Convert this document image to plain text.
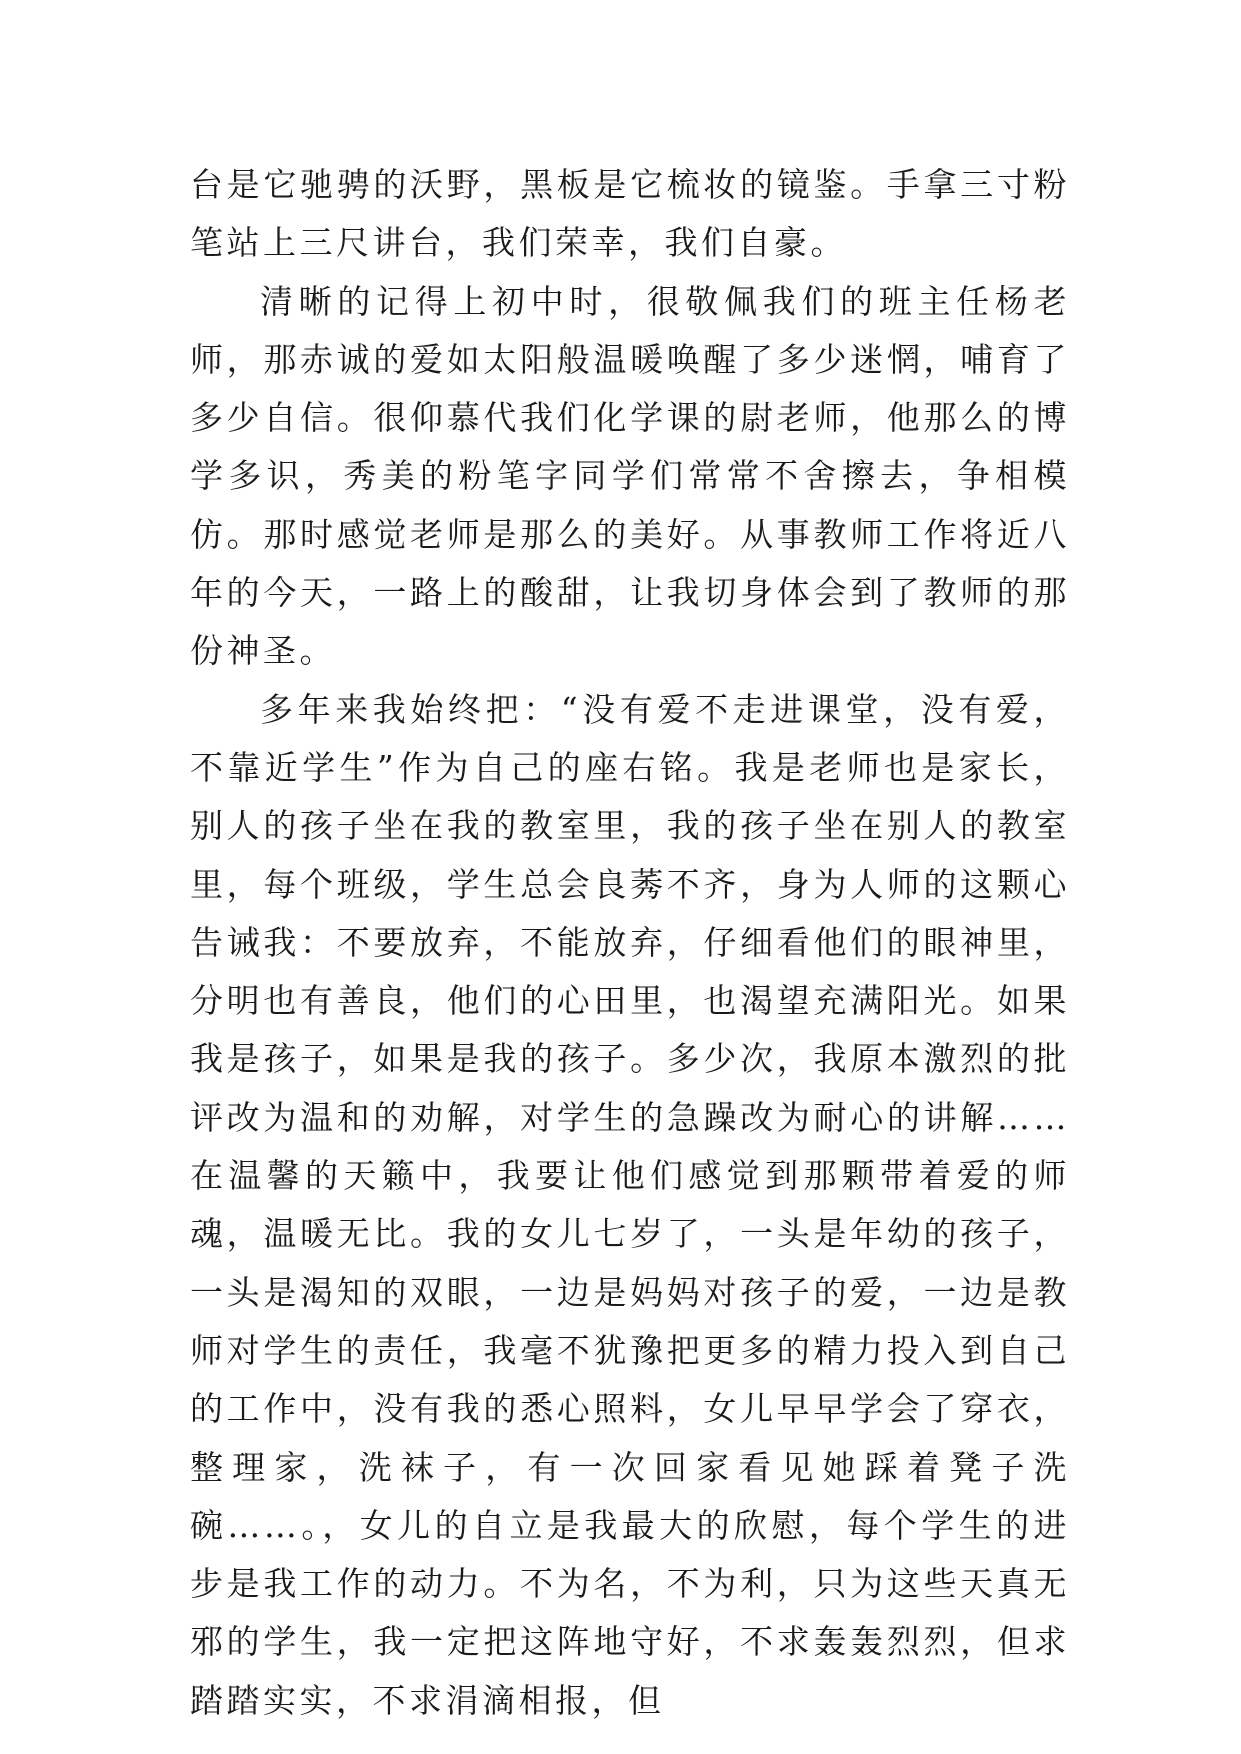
台是它驰骋的沃野，黑板是它梳妆的镜鉴。手拿三寸粉笔站上三尺讲台，我们荣幸，我们自豪。

清晰的记得上初中时，很敬佩我们的班主任杨老师，那赤诚的爱如太阳般温暖唤醒了多少迷惘，哺育了多少自信。很仰慕代我们化学课的尉老师，他那么的博学多识，秀美的粉笔字同学们常常不舍擦去，争相模仿。那时感觉老师是那么的美好。从事教师工作将近八年的今天，一路上的酸甜，让我切身体会到了教师的那份神圣。

多年来我始终把：“没有爱不走进课堂，没有爱，不靠近学生”作为自己的座右铭。我是老师也是家长，别人的孩子坐在我的教室里，我的孩子坐在别人的教室里，每个班级，学生总会良莠不齐，身为人师的这颗心告诫我：不要放弃，不能放弃，仔细看他们的眼神里，分明也有善良，他们的心田里，也渴望充满阳光。如果我是孩子，如果是我的孩子。多少次，我原本激烈的批评改为温和的劝解，对学生的急躁改为耐心的讲解……在温馨的天籁中，我要让他们感觉到那颗带着爱的师魂，温暖无比。我的女儿七岁了，一头是年幼的孩子，一头是渴知的双眼，一边是妈妈对孩子的爱，一边是教师对学生的责任，我毫不犹豫把更多的精力投入到自己的工作中，没有我的悉心照料，女儿早早学会了穿衣，整理家，洗袜子，有一次回家看见她踩着凳子洗碗……。，女儿的自立是我最大的欣慰，每个学生的进步是我工作的动力。不为名，不为利，只为这些天真无邪的学生，我一定把这阵地守好，不求轰轰烈烈，但求踏踏实实，不求涓滴相报，但
